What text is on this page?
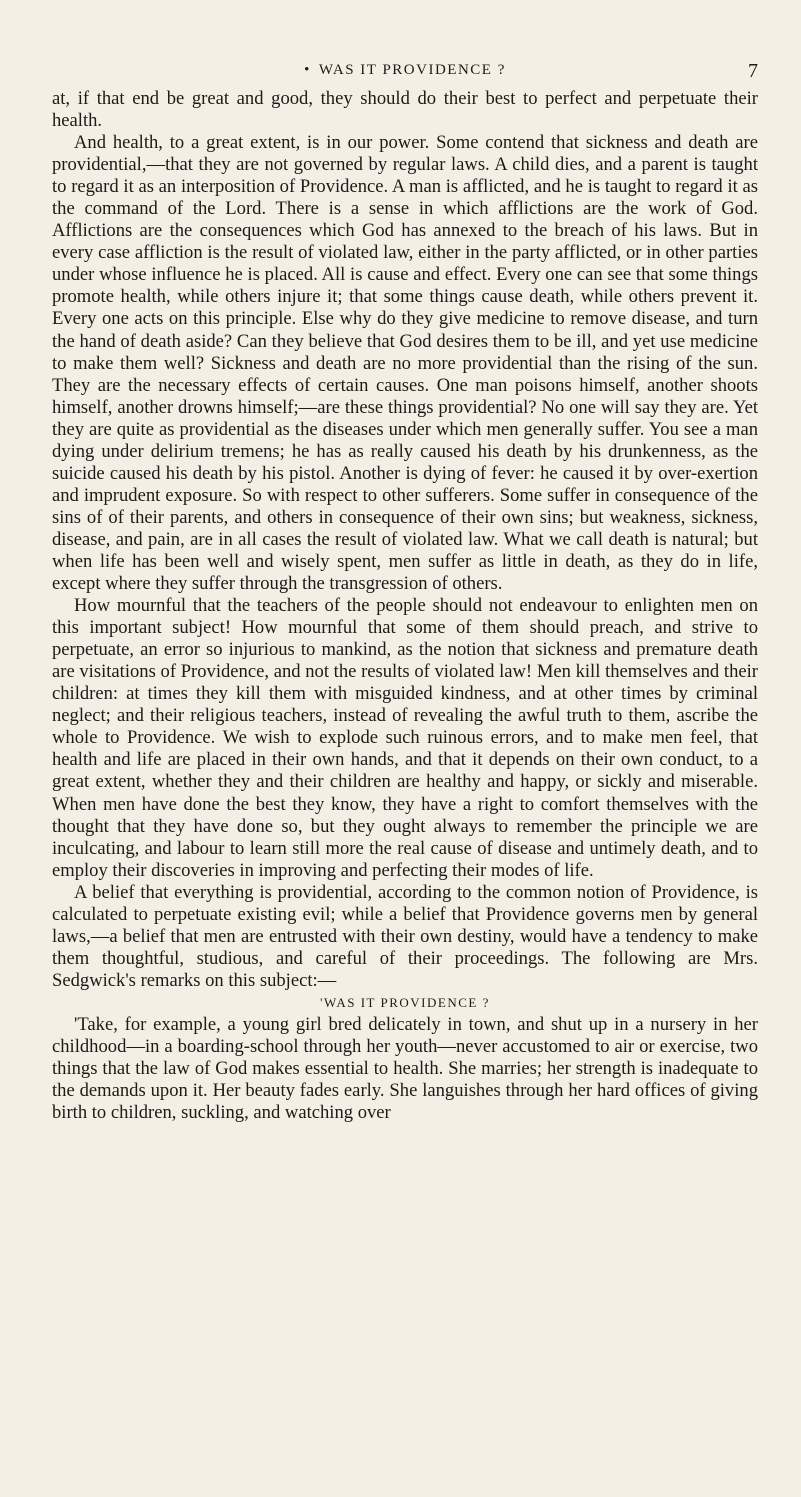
• WAS IT PROVIDENCE ?	7

at, if that end be great and good, they should do their best to perfect and perpetuate their health.

And health, to a great extent, is in our power. Some contend that sickness and death are providential,—that they are not governed by regular laws. A child dies, and a parent is taught to regard it as an interposition of Providence. A man is afflicted, and he is taught to regard it as the command of the Lord. There is a sense in which afflictions are the work of God. Afflictions are the consequences which God has annexed to the breach of his laws. But in every case affliction is the result of violated law, either in the party afflicted, or in other parties under whose influence he is placed. All is cause and effect. Every one can see that some things promote health, while others injure it; that some things cause death, while others prevent it. Every one acts on this principle. Else why do they give medicine to remove disease, and turn the hand of death aside? Can they believe that God desires them to be ill, and yet use medicine to make them well? Sickness and death are no more providential than the rising of the sun. They are the necessary effects of certain causes. One man poisons himself, another shoots himself, another drowns himself;—are these things providential? No one will say they are. Yet they are quite as providential as the diseases under which men generally suffer. You see a man dying under delirium tremens; he has as really caused his death by his drunkenness, as the suicide caused his death by his pistol. Another is dying of fever: he caused it by over-exertion and imprudent exposure. So with respect to other sufferers. Some suffer in consequence of the sins of of their parents, and others in consequence of their own sins; but weakness, sickness, disease, and pain, are in all cases the result of violated law. What we call death is natural; but when life has been well and wisely spent, men suffer as little in death, as they do in life, except where they suffer through the transgression of others.

How mournful that the teachers of the people should not endeavour to enlighten men on this important subject! How mournful that some of them should preach, and strive to perpetuate, an error so injurious to mankind, as the notion that sickness and premature death are visitations of Providence, and not the results of violated law! Men kill themselves and their children: at times they kill them with misguided kindness, and at other times by criminal neglect; and their religious teachers, instead of revealing the awful truth to them, ascribe the whole to Providence. We wish to explode such ruinous errors, and to make men feel, that health and life are placed in their own hands, and that it depends on their own conduct, to a great extent, whether they and their children are healthy and happy, or sickly and miserable. When men have done the best they know, they have a right to comfort themselves with the thought that they have done so, but they ought always to remember the principle we are inculcating, and labour to learn still more the real cause of disease and untimely death, and to employ their discoveries in improving and perfecting their modes of life.

A belief that everything is providential, according to the common notion of Providence, is calculated to perpetuate existing evil; while a belief that Providence governs men by general laws,—a belief that men are entrusted with their own destiny, would have a tendency to make them thoughtful, studious, and careful of their proceedings. The following are Mrs. Sedgwick's remarks on this subject:—

'WAS IT PROVIDENCE ?

'Take, for example, a young girl bred delicately in town, and shut up in a nursery in her childhood—in a boarding-school through her youth—never accustomed to air or exercise, two things that the law of God makes essential to health. She marries; her strength is inadequate to the demands upon it. Her beauty fades early. She languishes through her hard offices of giving birth to children, suckling, and watching over
